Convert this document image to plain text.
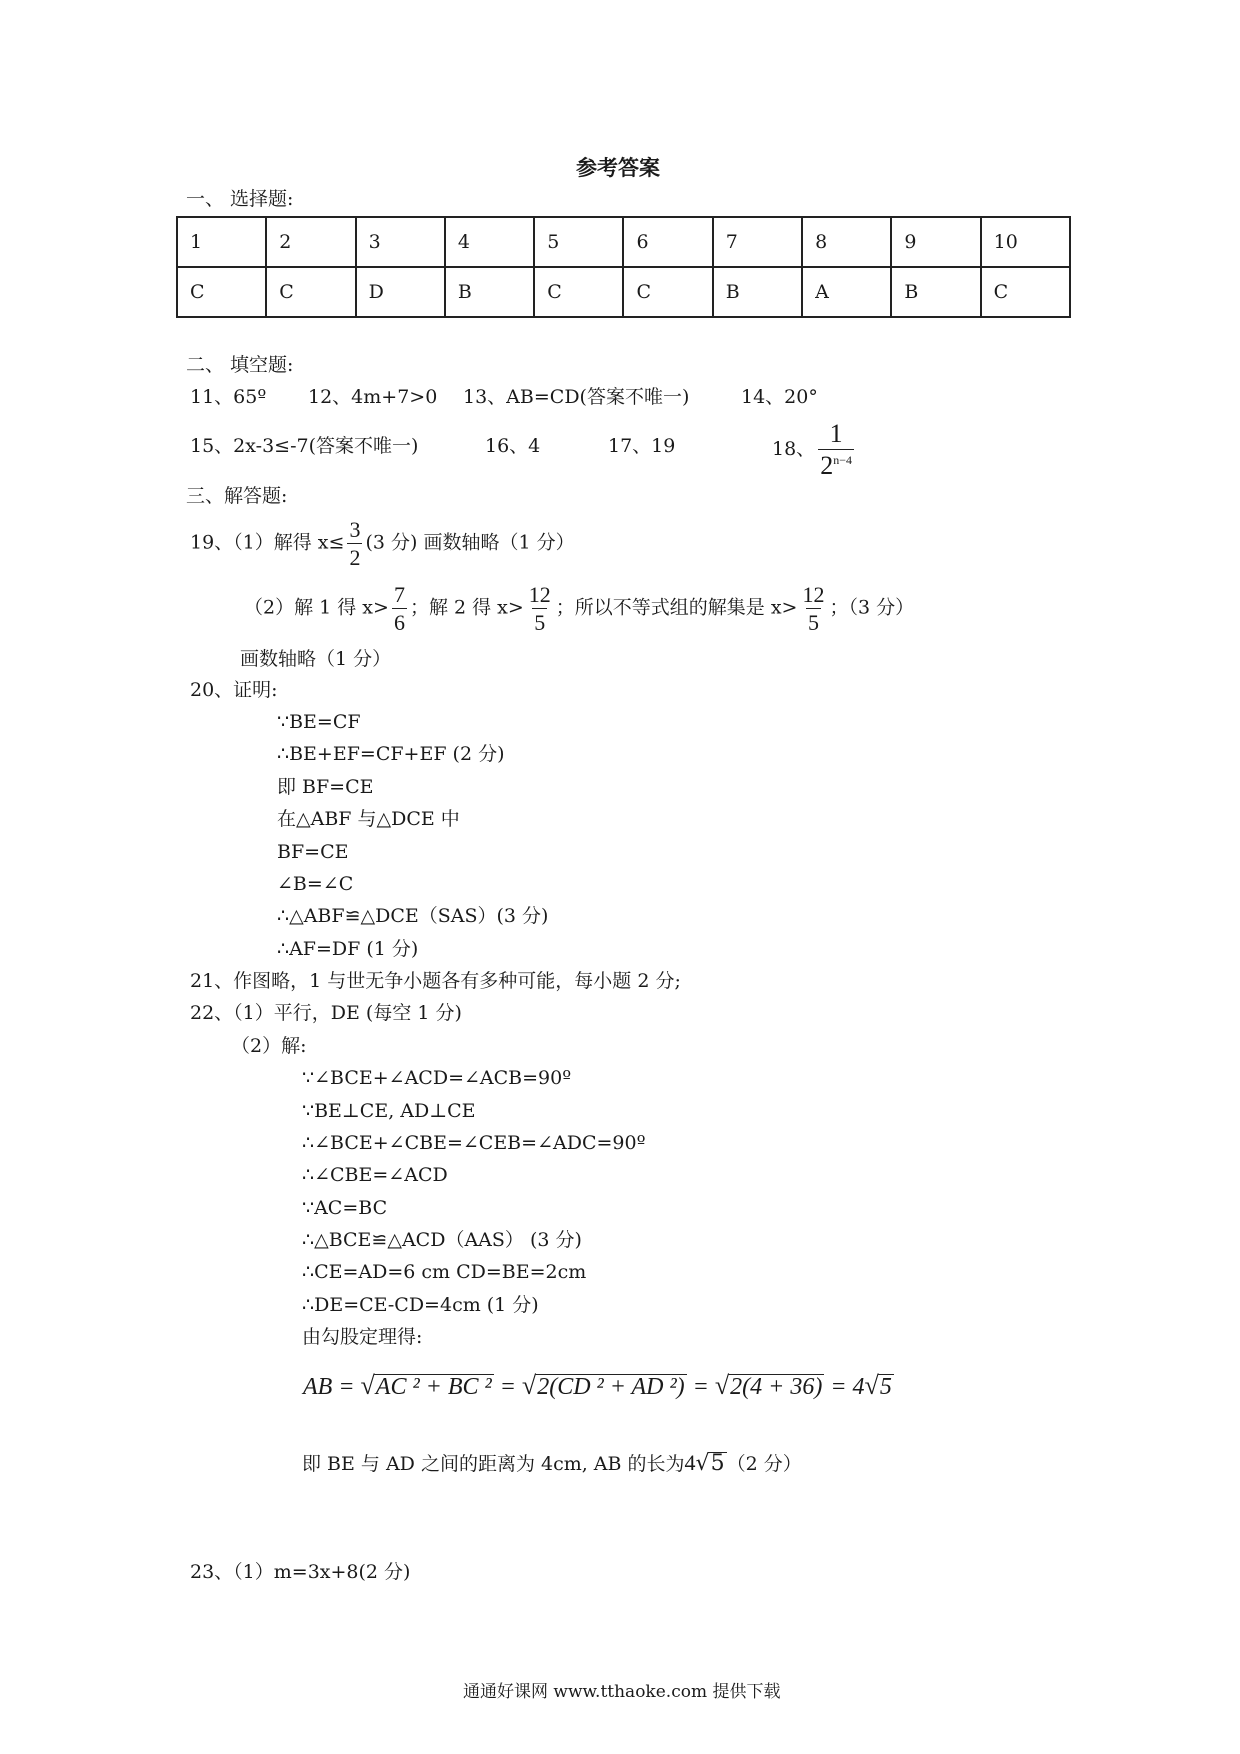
参考答案
一、 选择题:
1	2	3	4	5	6	7	8	9	10
C	C	D	B	C	C	B	A	B	C
二、 填空题:
11、65º 12、4m+7>0 13、AB=CD(答案不唯一)	14、20°
15、2x-3≤-7(答案不唯一)	16、4	17、19	18、 $\frac{1}{2^{n-4}}$
三、解答题:
19、（1）解得 $x\le \frac{3}{2} (3$ 分) 画数轴略（1 分）
（2）解 1 得 $x> \frac{7}{6}$ ；解 2 得 $x> \frac{12}{5}$ ；所以不等式组的解集是 $x> \frac{12}{5}$ ；（3 分）
画数轴略（1 分）
20、证明:
∵BE=CF
∴BE+EF=CF+EF (2 分)
即 BF=CE
在△ABF 与△DCE 中
BF=CE
∠B=∠C
∴△ABF≌△DCE（SAS）(3 分)
∴AF=DF (1 分)
21、作图略，1 与世无争小题各有多种可能，每小题 2 分;
22、（1）平行，DE (每空 1 分)
（2）解:
∵∠BCE+∠ACD=∠ACB=90º
∵BE⊥CE, AD⊥CE
∴∠BCE+∠CBE=∠CEB=∠ADC=90º
∴∠CBE=∠ACD
∵AC=BC
∴△BCE≌△ACD（AAS） (3 分)
∴CE=AD=6 cm CD=BE=2cm
∴DE=CE-CD=4cm (1 分)
由勾股定理得:
AB = √AC ² + BC ² = √2(CD ² + AD ²) = √2(4 + 36) = 4√5
即 BE 与 AD 之间的距离为 4cm, AB 的长为4√5 （2 分）
23、（1）m=3x+8(2 分)
通通好课网 www.tthaoke.com 提供下载
